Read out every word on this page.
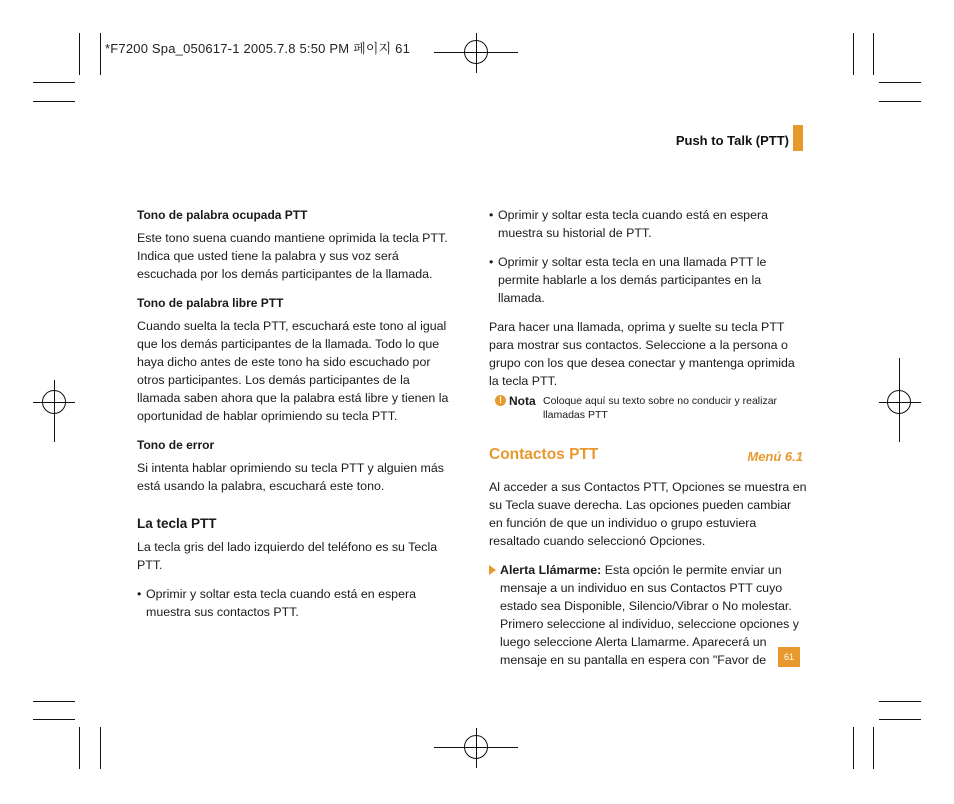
*F7200 Spa_050617-1 2005.7.8 5:50 PM 페이지 61
Push to Talk (PTT)
Tono de palabra ocupada PTT

Este tono suena cuando mantiene oprimida la tecla PTT. Indica que usted tiene la palabra y sus voz será escuchada por los demás participantes de la llamada.

Tono de palabra libre PTT

Cuando suelta la tecla PTT, escuchará este tono al igual que los demás participantes de la llamada. Todo lo que haya dicho antes de este tono ha sido escuchado por otros participantes. Los demás participantes de la llamada saben ahora que la palabra está libre y tienen la oportunidad de hablar oprimiendo su tecla PTT.

Tono de error

Si intenta hablar oprimiendo su tecla PTT y alguien más está usando la palabra, escuchará este tono.

La tecla PTT

La tecla gris del lado izquierdo del teléfono es su Tecla PTT.

• Oprimir y soltar esta tecla cuando está en espera muestra sus contactos PTT.
• Oprimir y soltar esta tecla cuando está en espera muestra su historial de PTT.
• Oprimir y soltar esta tecla en una llamada PTT le permite hablarle a los demás participantes en la llamada.

Para hacer una llamada, oprima y suelte su tecla PTT para mostrar sus contactos. Seleccione a la persona o grupo con los que desea conectar y mantenga oprimida la tecla PTT.

! Nota Coloque aquí su texto sobre no conducir y realizar llamadas PTT
Contactos PTT	Menú 6.1

Al acceder a sus Contactos PTT, Opciones se muestra en su Tecla suave derecha. Las opciones pueden cambiar en función de que un individuo o grupo estuviera resaltado cuando seleccionó Opciones.

Alerta Llámarme: Esta opción le permite enviar un mensaje a un individuo en sus Contactos PTT cuyo estado sea Disponible, Silencio/Vibrar o No molestar. Primero seleccione al individuo, seleccione opciones y luego seleccione Alerta Llamarme. Aparecerá un mensaje en su pantalla en espera con "Favor de	61
